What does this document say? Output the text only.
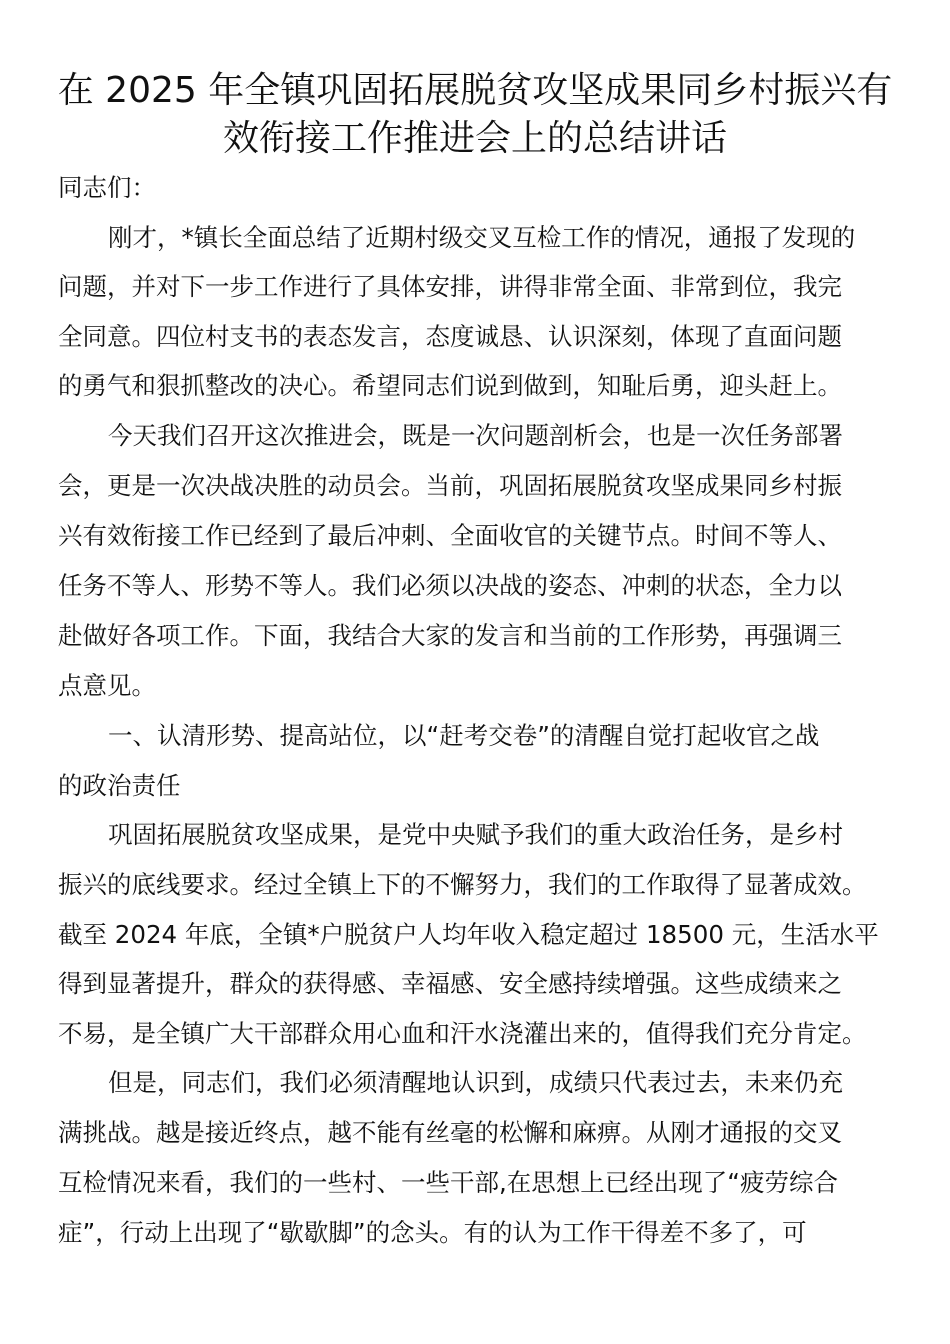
在 2025 年全镇巩固拓展脱贫攻坚成果同乡村振兴有
效衔接工作推进会上的总结讲话
同志们：
刚才，*镇长全面总结了近期村级交叉互检工作的情况，通报了发现的
问题，并对下一步工作进行了具体安排，讲得非常全面、非常到位，我完
全同意。四位村支书的表态发言，态度诚恳、认识深刻，体现了直面问题
的勇气和狠抓整改的决心。希望同志们说到做到，知耻后勇，迎头赶上。
今天我们召开这次推进会，既是一次问题剖析会，也是一次任务部署
会，更是一次决战决胜的动员会。当前，巩固拓展脱贫攻坚成果同乡村振
兴有效衔接工作已经到了最后冲刺、全面收官的关键节点。时间不等人、
任务不等人、形势不等人。我们必须以决战的姿态、冲刺的状态，全力以
赴做好各项工作。下面，我结合大家的发言和当前的工作形势，再强调三
点意见。
一、认清形势、提高站位，以“赶考交卷”的清醒自觉打起收官之战
的政治责任
巩固拓展脱贫攻坚成果，是党中央赋予我们的重大政治任务，是乡村
振兴的底线要求。经过全镇上下的不懈努力，我们的工作取得了显著成效。
截至 2024 年底，全镇*户脱贫户人均年收入稳定超过 18500 元，生活水平
得到显著提升，群众的获得感、幸福感、安全感持续增强。这些成绩来之
不易，是全镇广大干部群众用心血和汗水浇灌出来的，值得我们充分肯定。
但是，同志们，我们必须清醒地认识到，成绩只代表过去，未来仍充
满挑战。越是接近终点，越不能有丝毫的松懈和麻痹。从刚才通报的交叉
互检情况来看，我们的一些村、一些干部,在思想上已经出现了“疲劳综合
症”，行动上出现了“歇歇脚”的念头。有的认为工作干得差不多了，可
